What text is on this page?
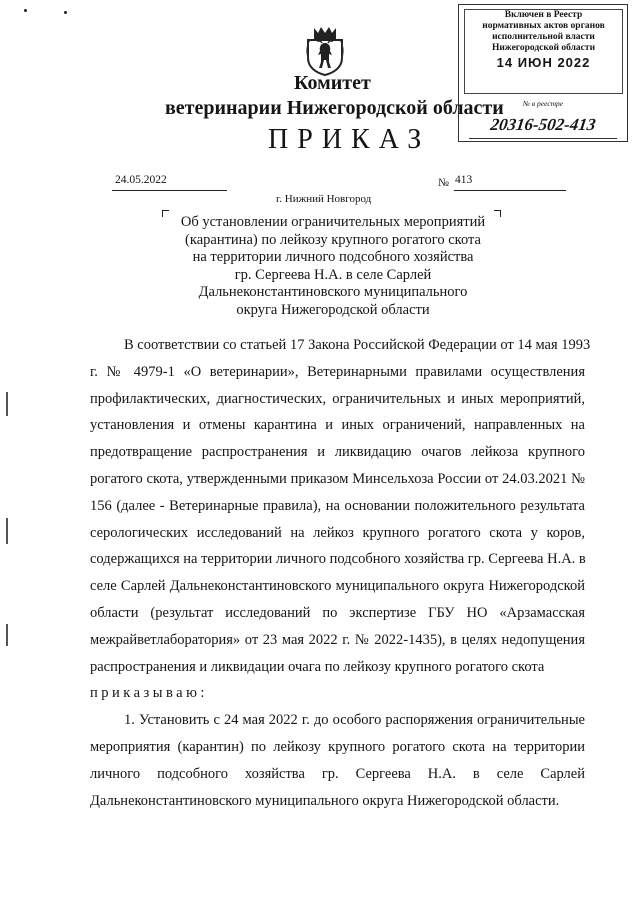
Включен в Реестр
нормативных актов органов
исполнительной власти
Нижегородской области
14 ИЮН 2022
№ в реестре
20316-502-413
Комитет
ветеринарии Нижегородской области
ПРИКАЗ
24.05.2022	№ 413
г. Нижний Новгород
Об установлении ограничительных мероприятий
(карантина) по лейкозу крупного рогатого скота
на территории личного подсобного хозяйства
гр. Сергеева Н.А. в селе Сарлей
Дальнеконстантиновского муниципального
округа Нижегородской области
В соответствии со статьей 17 Закона Российской Федерации от 14 мая 1993
г. № 4979-1 «О ветеринарии», Ветеринарными правилами осуществления
профилактических, диагностических, ограничительных и иных мероприятий,
установления и отмены карантина и иных ограничений, направленных на
предотвращение распространения и ликвидацию очагов лейкоза крупного
рогатого скота, утвержденными приказом Минсельхоза России от 24.03.2021 №
156 (далее - Ветеринарные правила), на основании положительного результата
серологических исследований на лейкоз крупного рогатого скота у коров,
содержащихся на территории личного подсобного хозяйства гр. Сергеева Н.А. в
селе Сарлей Дальнеконстантиновского муниципального округа Нижегородской
области (результат исследований по экспертизе ГБУ НО «Арзамасская
межрайветлаборатория» от 23 мая 2022 г. № 2022-1435), в целях недопущения
распространения и ликвидации очага по лейкозу крупного рогатого скота
приказываю:
1. Установить с 24 мая 2022 г. до особого распоряжения ограничительные
мероприятия (карантин) по лейкозу крупного рогатого скота на территории
личного подсобного хозяйства гр. Сергеева Н.А. в селе Сарлей
Дальнеконстантиновского муниципального округа Нижегородской области.
